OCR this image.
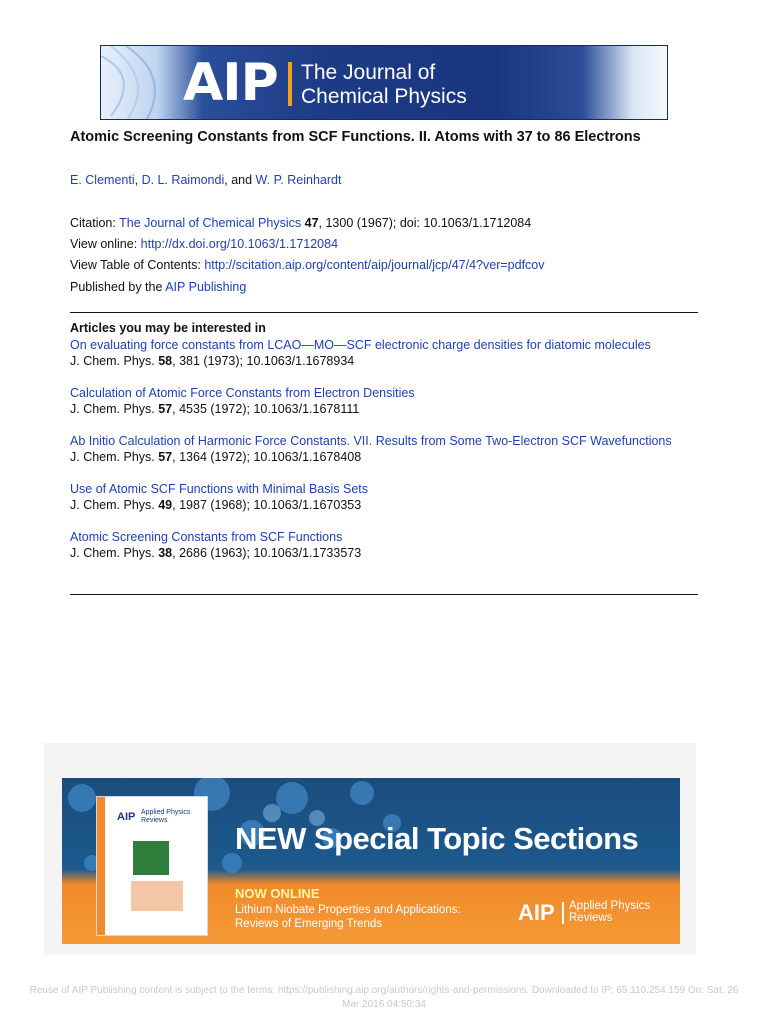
AIP The Journal of
Chemical Physics
Atomic Screening Constants from SCF Functions. II. Atoms with 37 to 86 Electrons
E. Clementi, D. L. Raimondi, and W. P. Reinhardt
Citation: The Journal of Chemical Physics 47, 1300 (1967); doi: 10.1063/1.1712084
View online: http://dx.doi.org/10.1063/1.1712084
View Table of Contents: http://scitation.aip.org/content/aip/journal/jcp/47/4?ver=pdfcov
Published by the AIP Publishing
Articles you may be interested in
On evaluating force constants from LCAO—MO—SCF electronic charge densities for diatomic molecules
J. Chem. Phys. 58, 381 (1973); 10.1063/1.1678934
Calculation of Atomic Force Constants from Electron Densities
J. Chem. Phys. 57, 4535 (1972); 10.1063/1.1678111
Ab Initio Calculation of Harmonic Force Constants. VII. Results from Some Two-Electron SCF Wavefunctions
J. Chem. Phys. 57, 1364 (1972); 10.1063/1.1678408
Use of Atomic SCF Functions with Minimal Basis Sets
J. Chem. Phys. 49, 1987 (1968); 10.1063/1.1670353
Atomic Screening Constants from SCF Functions
J. Chem. Phys. 38, 2686 (1963); 10.1063/1.1733573
AIP Applied Physics Reviews
NEW Special Topic Sections
NOW ONLINE
Lithium Niobate Properties and Applications:
Reviews of Emerging Trends	AIP Applied Physics
Reviews
Reuse of AIP Publishing content is subject to the terms: https://publishing.aip.org/authors/rights-and-permissions. Downloaded to IP: 65.110.254.159 On: Sat, 26
Mar 2016 04:50:34
